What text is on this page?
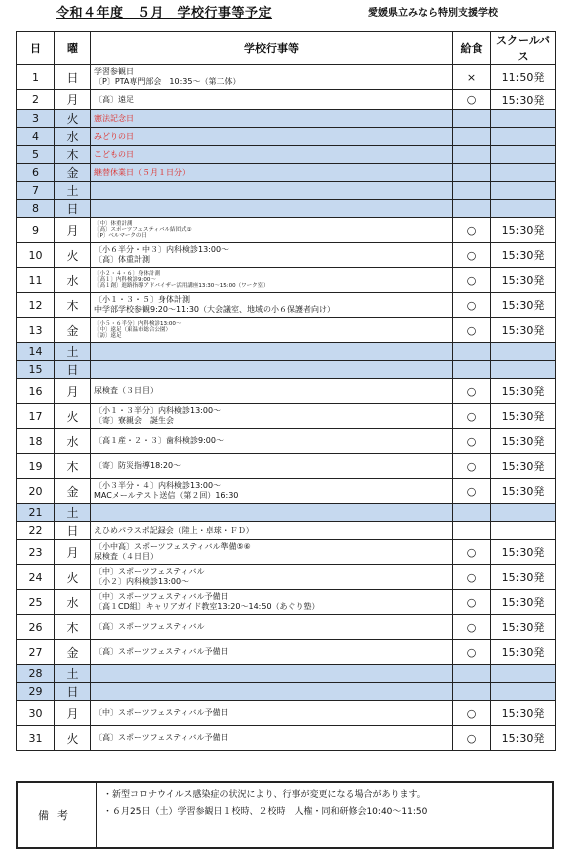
令和４年度　５月　学校行事等予定	愛媛県立みなら特別支援学校
日	曜	学校行事等	給食	スクールバス
1	日	学習参観日
〔P〕PTA専門部会　10:35～（第二体）	×	11:50発
2	月	〔高〕遠足	○	15:30発
3	火	憲法記念日		

4	水	みどりの日		

5	木	こどもの日		

6	金	継替休業日（５月１日分）		

7	土			
8	日			
9	月	〔中〕体重計測
〔高〕スポーツフェスティバル結団式①
〔P〕ベルマークの日	○	15:30発
10	火	〔小６半分・中３〕内科検診13:00～
〔高〕体重計測	○	15:30発
11	水	〔小２・４・６〕身体計測
〔高１〕内科検診9:00～
〔高１創〕進路指導アドバイザー活用講座13:30～15:00（ワーク室）	○	15:30発
12	木	〔小１・３・５〕身体計測
中学部学校参観9:20～11:30（大会議室、地域の小６保護者向け）	○	15:30発
13	金	〔小５・６半分〕内科検診13:00～
〔中〕遠足（東温市総合公園）
〔訪〕遠足	○	15:30発
14	土			
15	日			
16	月	尿検査（３日目）	○	15:30発
17	火	〔小１・３半分〕内科検診13:00～
〔寄〕寮親会　誕生会	○	15:30発
18	水	〔高１産・２・３〕歯科検診9:00～	○	15:30発
19	木	〔寄〕防災指導18:20～	○	15:30発
20	金	〔小３半分・４〕内科検診13:00～
MACメールテスト送信（第２回）16:30	○	15:30発
21	土			
22	日	えひめパラスポ記録会（陸上・卓球・ＦＤ）		

23	月	〔小中高〕スポーツフェスティバル準備⑤⑥
尿検査（４日目）	○	15:30発
24	火	〔中〕スポーツフェスティバル
〔小２〕内科検診13:00～	○	15:30発
25	水	〔中〕スポーツフェスティバル予備日
〔高１CD組〕キャリアガイド教室13:20～14:50（あぐり塾）	○	15:30発
26	木	〔高〕スポーツフェスティバル	○	15:30発
27	金	〔高〕スポーツフェスティバル予備日	○	15:30発
28	土			
29	日			
30	月	〔中〕スポーツフェスティバル予備日	○	15:30発
31	火	〔高〕スポーツフェスティバル予備日	○	15:30発
備考
・新型コロナウイルス感染症の状況により、行事が変更になる場合があります。
・６月25日（土）学習参観日１校時、２校時　人権・同和研修会10:40～11:50
